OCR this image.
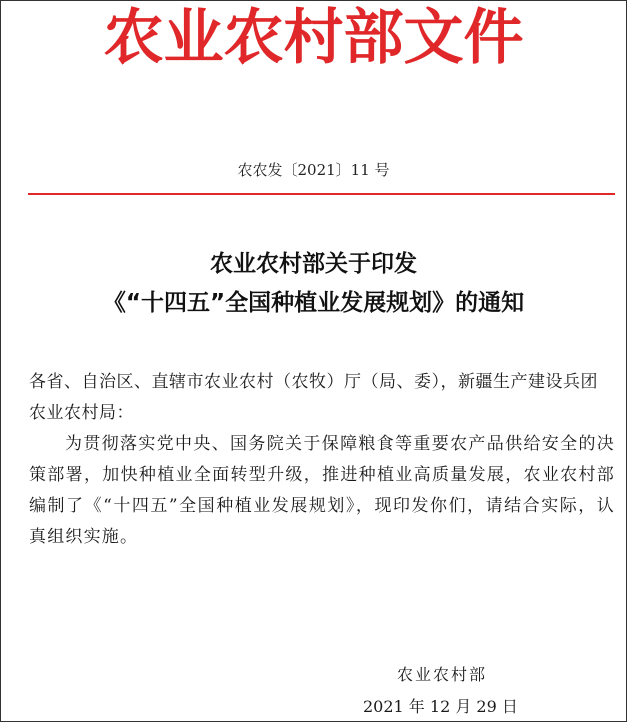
农业农村部文件
农农发〔2021〕11 号
农业农村部关于印发
《“十四五”全国种植业发展规划》的通知
各省、自治区、直辖市农业农村（农牧）厅（局、委），新疆生产建设兵团农业农村局：
为贯彻落实党中央、国务院关于保障粮食等重要农产品供给安全的决策部署，加快种植业全面转型升级，推进种植业高质量发展，农业农村部编制了《“十四五”全国种植业发展规划》，现印发你们，请结合实际，认真组织实施。
农业农村部
2021 年 12 月 29 日
